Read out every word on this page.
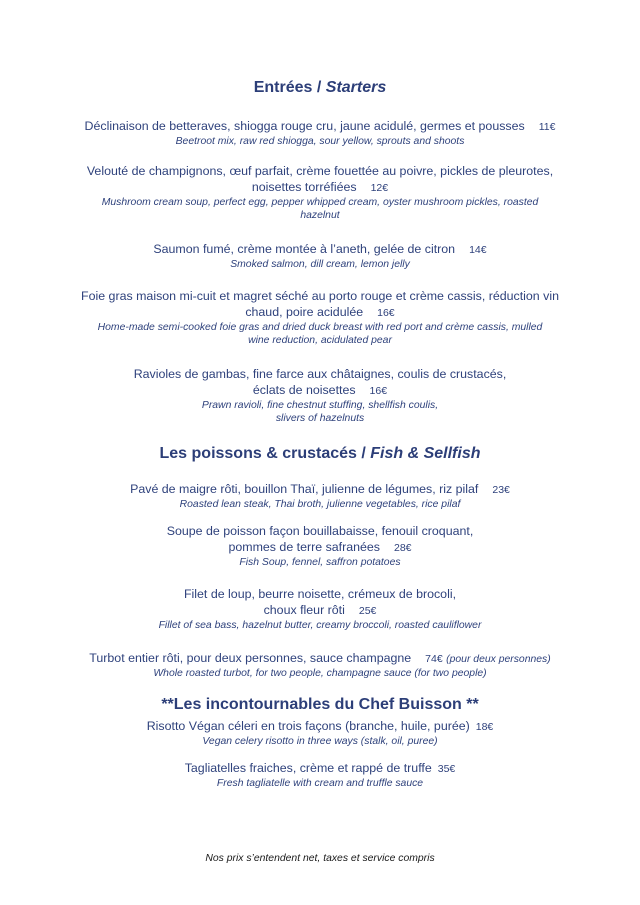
Entrées / Starters
Déclinaison de betteraves, shiogga rouge cru, jaune acidulé, germes et pousses 11€
Beetroot mix, raw red shiogga, sour yellow, sprouts and shoots
Velouté de champignons, œuf parfait, crème fouettée au poivre, pickles de pleurotes,
noisettes torréfiées 12€
Mushroom cream soup, perfect egg, pepper whipped cream, oyster mushroom pickles, roasted
hazelnut
Saumon fumé, crème montée à l’aneth, gelée de citron 14€
Smoked salmon, dill cream, lemon jelly
Foie gras maison mi-cuit et magret séché au porto rouge et crème cassis, réduction vin
chaud, poire acidulée 16€
Home-made semi-cooked foie gras and dried duck breast with red port and crème cassis, mulled
wine reduction, acidulated pear
Ravioles de gambas, fine farce aux châtaignes, coulis de crustacés,
éclats de noisettes 16€
Prawn ravioli, fine chestnut stuffing, shellfish coulis,
slivers of hazelnuts
Les poissons & crustacés / Fish & Sellfish
Pavé de maigre rôti, bouillon Thaï, julienne de légumes, riz pilaf 23€
Roasted lean steak, Thai broth, julienne vegetables, rice pilaf
Soupe de poisson façon bouillabaisse, fenouil croquant,
pommes de terre safranées 28€
Fish Soup, fennel, saffron potatoes
Filet de loup, beurre noisette, crémeux de brocoli,
choux fleur rôti 25€
Fillet of sea bass, hazelnut butter, creamy broccoli, roasted cauliflower
Turbot entier rôti, pour deux personnes, sauce champagne 74€ (pour deux personnes)
Whole roasted turbot, for two people, champagne sauce (for two people)
**Les incontournables du Chef Buisson **
Risotto Végan céleri en trois façons (branche, huile, purée) 18€
Vegan celery risotto in three ways (stalk, oil, puree)
Tagliatelles fraiches, crème et rappé de truffe 35€
Fresh tagliatelle with cream and truffle sauce
Nos prix s’entendent net, taxes et service compris
